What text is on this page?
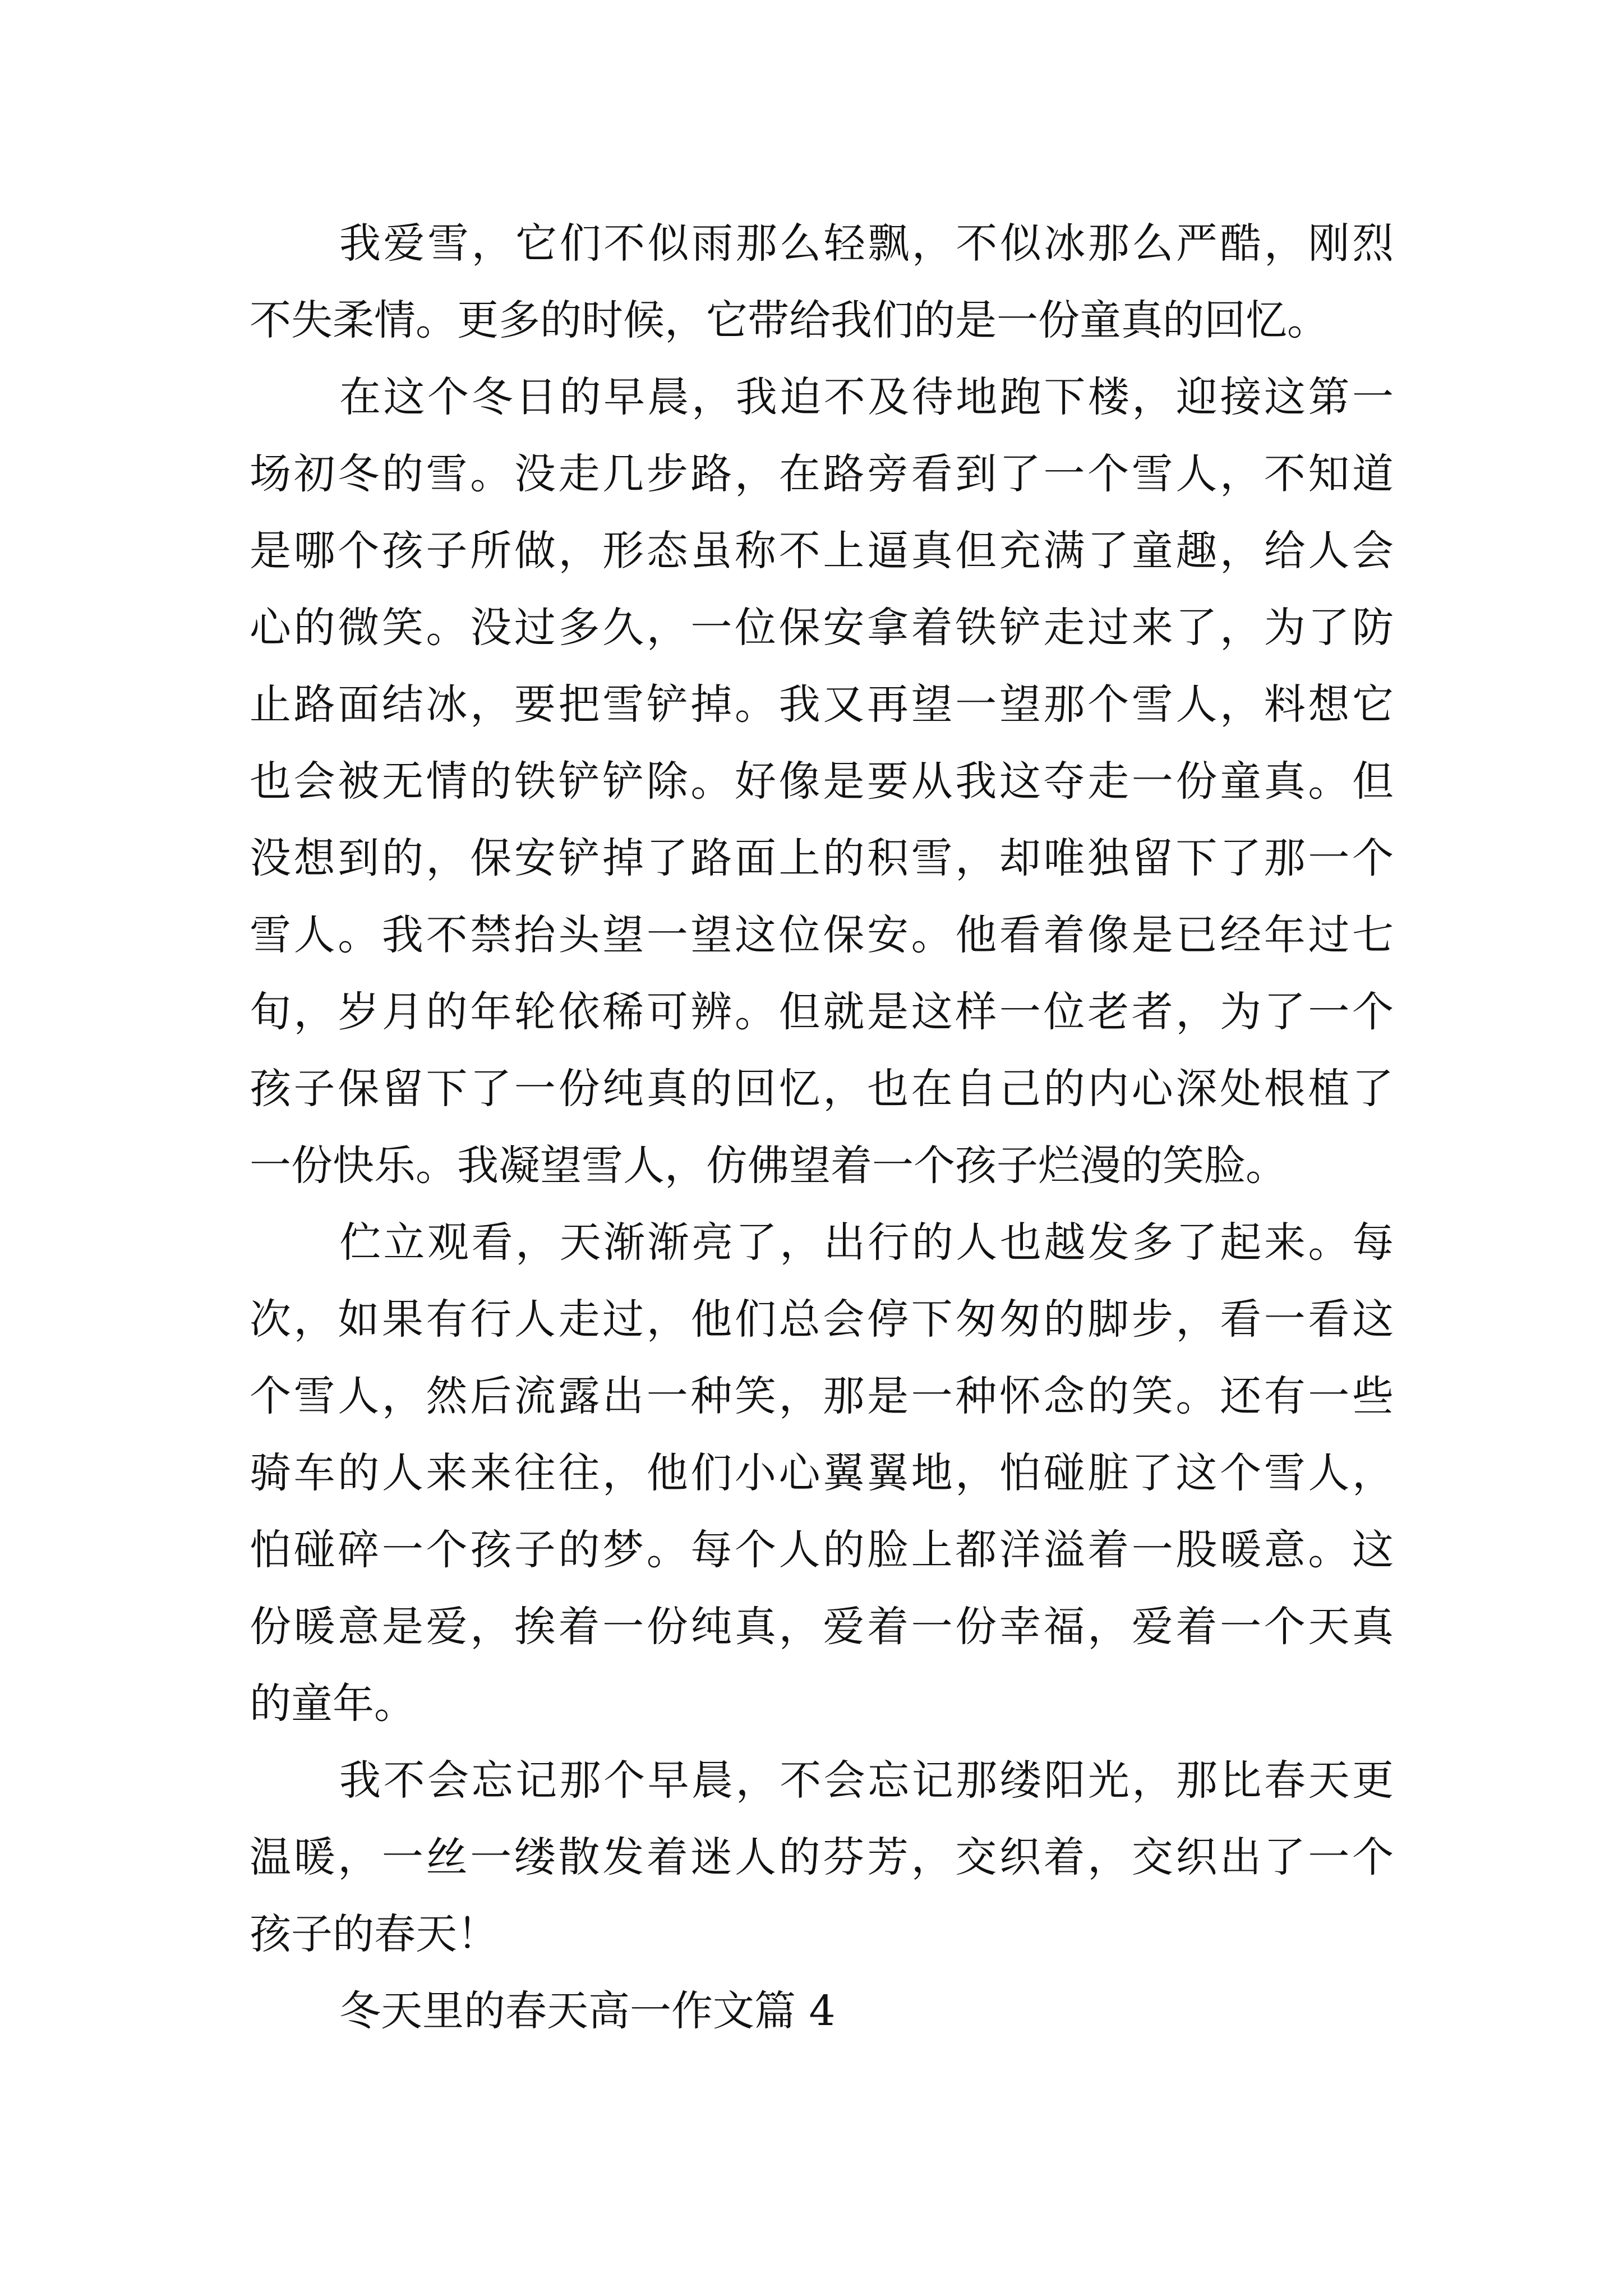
我爱雪，它们不似雨那么轻飘，不似冰那么严酷，刚烈
不失柔情。更多的时候，它带给我们的是一份童真的回忆。
在这个冬日的早晨，我迫不及待地跑下楼，迎接这第一
场初冬的雪。没走几步路，在路旁看到了一个雪人，不知道
是哪个孩子所做，形态虽称不上逼真但充满了童趣，给人会
心的微笑。没过多久，一位保安拿着铁铲走过来了，为了防
止路面结冰，要把雪铲掉。我又再望一望那个雪人，料想它
也会被无情的铁铲铲除。好像是要从我这夺走一份童真。但
没想到的，保安铲掉了路面上的积雪，却唯独留下了那一个
雪人。我不禁抬头望一望这位保安。他看着像是已经年过七
旬，岁月的年轮依稀可辨。但就是这样一位老者，为了一个
孩子保留下了一份纯真的回忆，也在自己的内心深处根植了
一份快乐。我凝望雪人，仿佛望着一个孩子烂漫的笑脸。
伫立观看，天渐渐亮了，出行的人也越发多了起来。每
次，如果有行人走过，他们总会停下匆匆的脚步，看一看这
个雪人，然后流露出一种笑，那是一种怀念的笑。还有一些
骑车的人来来往往，他们小心翼翼地，怕碰脏了这个雪人，
怕碰碎一个孩子的梦。每个人的脸上都洋溢着一股暖意。这
份暖意是爱，挨着一份纯真，爱着一份幸福，爱着一个天真
的童年。
我不会忘记那个早晨，不会忘记那缕阳光，那比春天更
温暖，一丝一缕散发着迷人的芬芳，交织着，交织出了一个
孩子的春天！
冬天里的春天高一作文篇 4
